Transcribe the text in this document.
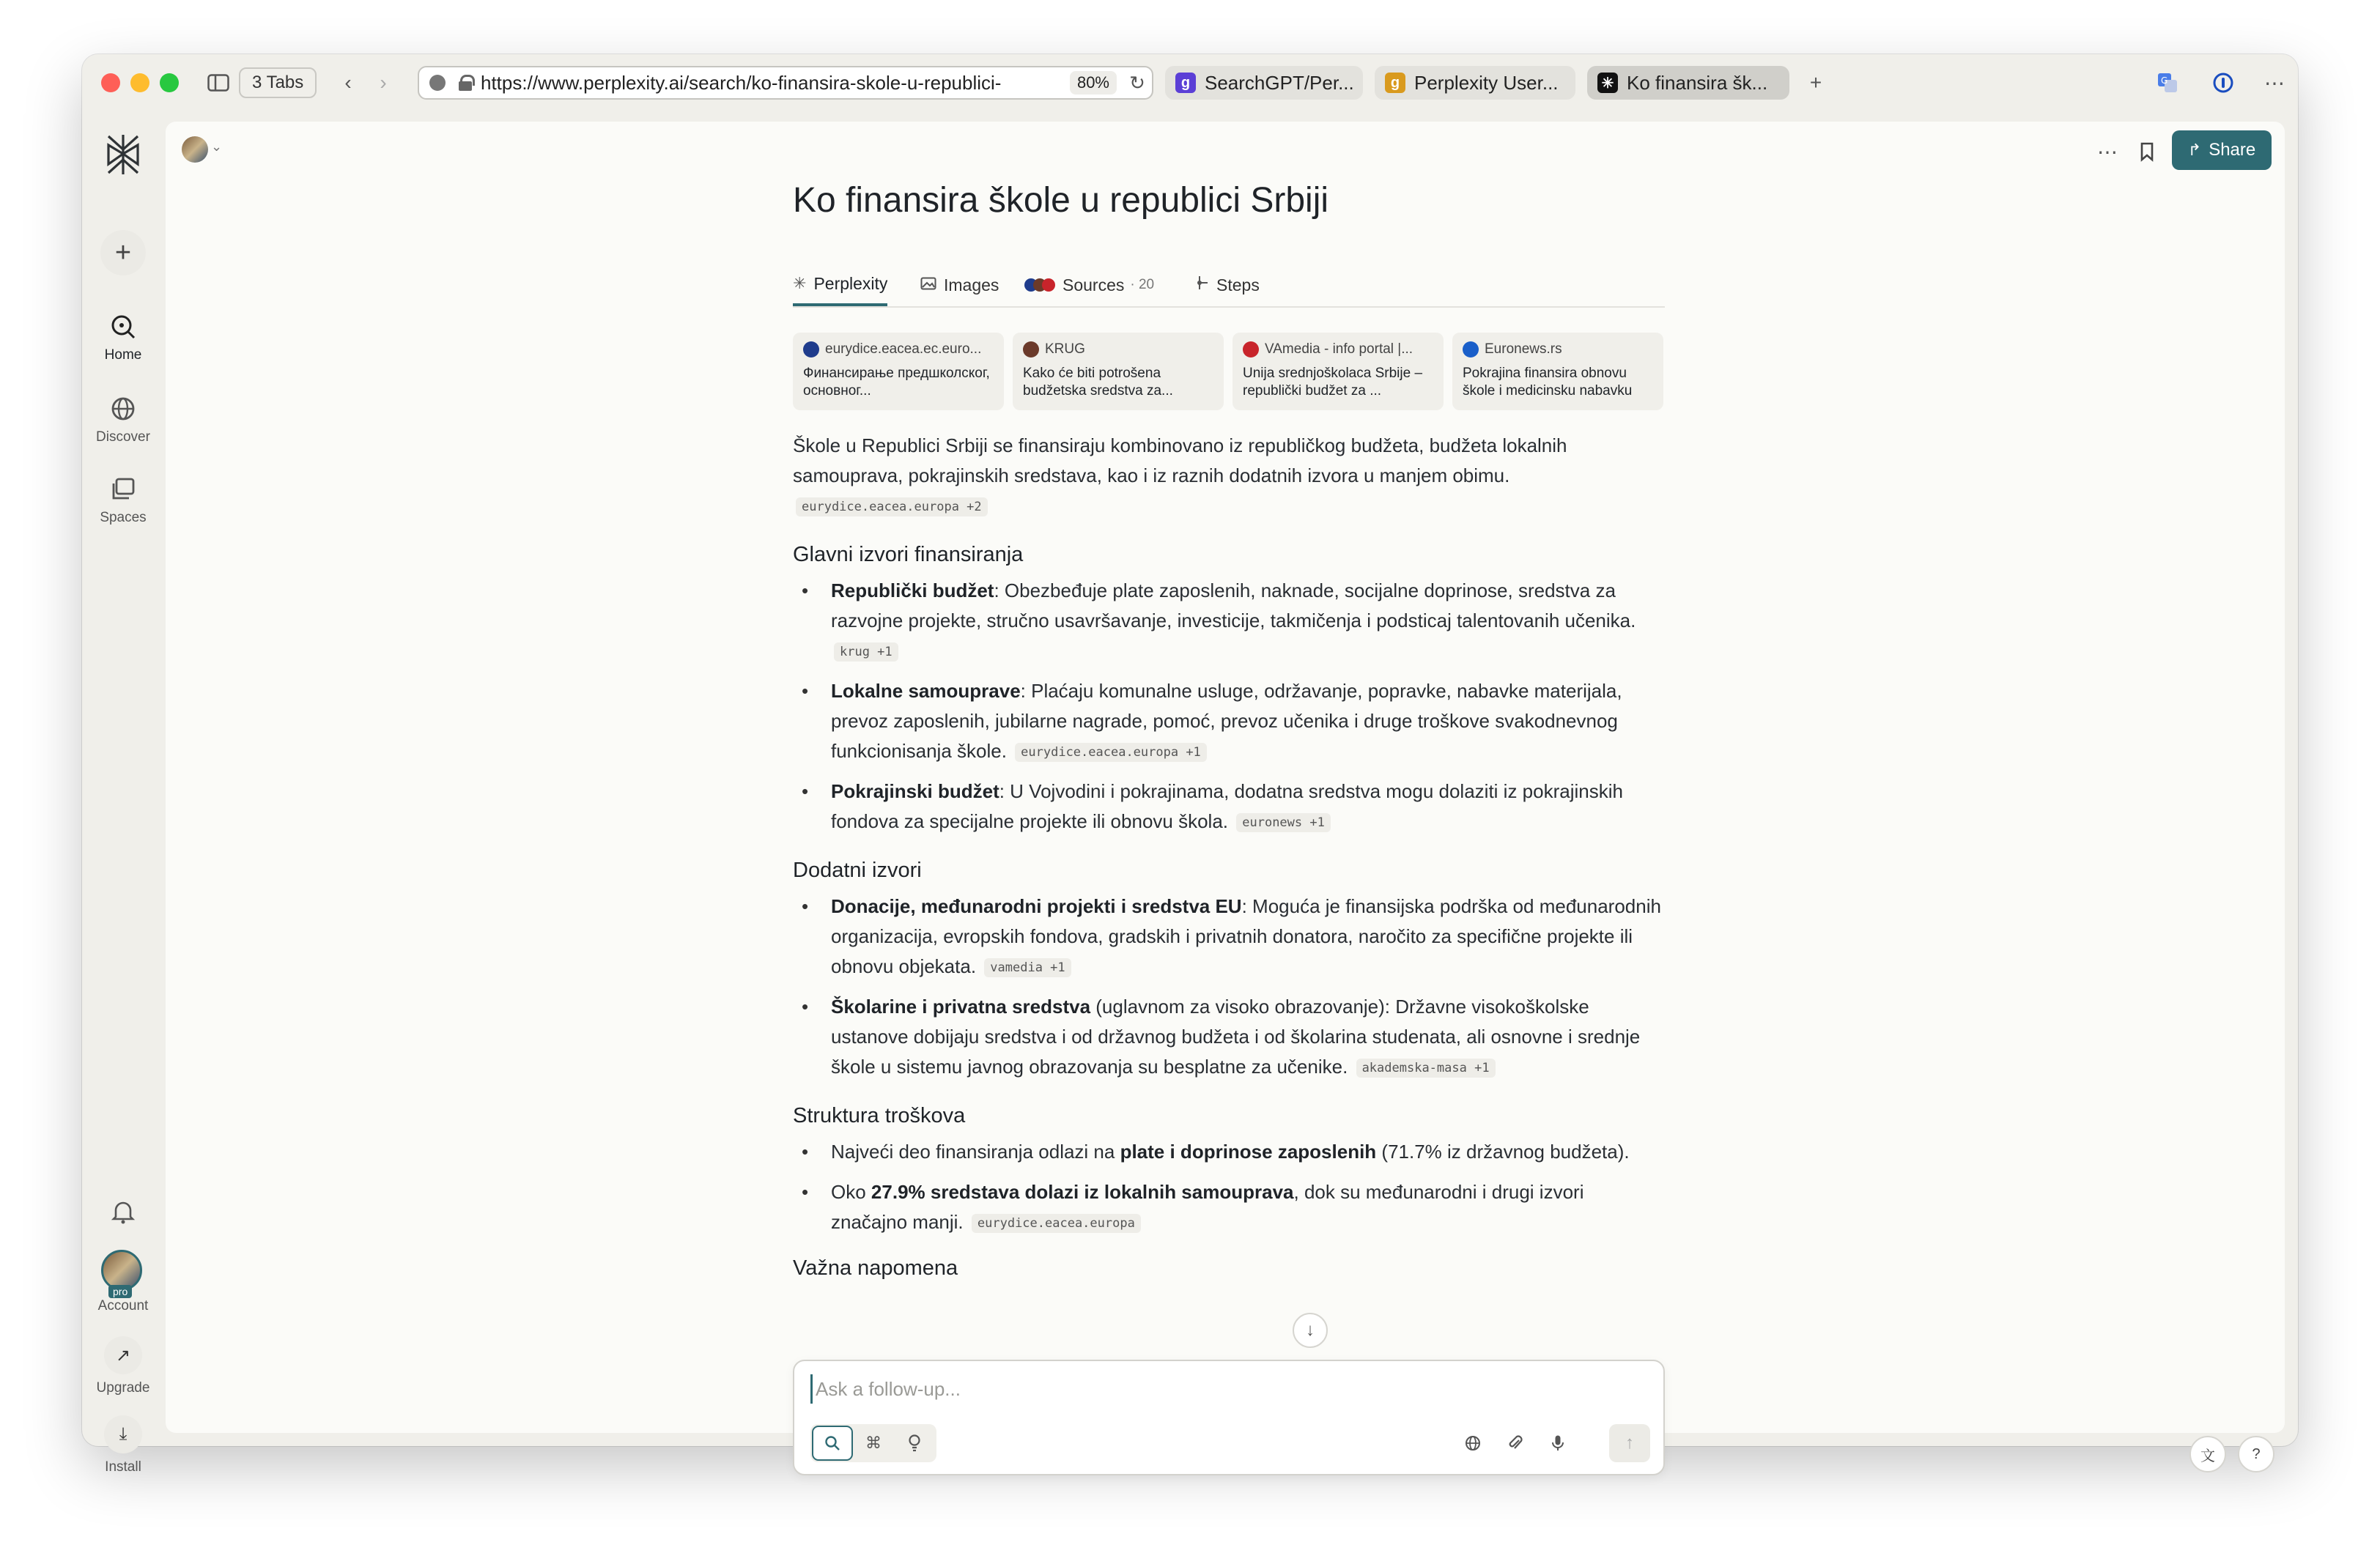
3 Tabs	‹	›	https://www.perplexity.ai/search/ko-finansira-skole-u-republici-	80%	↻	g SearchGPT/Per...	g Perplexity User...	✳ Ko finansira šk...	+	G	⋯
+
Home
Discover
Spaces
pro
Account
↗
Upgrade
⤓
Install
⌄	⋯	↱ Share
Ko finansira škole u republici Srbiji
✳ Perplexity	Images	Sources · 20	Steps
eurydice.eacea.ec.euro...
Финансирање предшколског, основног...
KRUG
Kako će biti potrošena budžetska sredstva za...
VAmedia - info portal |...
Unija srednjoškolaca Srbije – republički budžet za ...
Euronews.rs
Pokrajina finansira obnovu škole i medicinsku nabavku

Škole u Republici Srbiji se finansiraju kombinovano iz republičkog budžeta, budžeta lokalnih samouprava, pokrajinskih sredstava, kao i iz raznih dodatnih izvora u manjem obimu. eurydice.eacea.europa +2

Glavni izvori finansiranja
• Republički budžet: Obezbeđuje plate zaposlenih, naknade, socijalne doprinose, sredstva za razvojne projekte, stručno usavršavanje, investicije, takmičenja i podsticaj talentovanih učenika. krug +1
• Lokalne samouprave: Plaćaju komunalne usluge, održavanje, popravke, nabavke materijala, prevoz zaposlenih, jubilarne nagrade, pomoć, prevoz učenika i druge troškove svakodnevnog funkcionisanja škole. eurydice.eacea.europa +1
• Pokrajinski budžet: U Vojvodini i pokrajinama, dodatna sredstva mogu dolaziti iz pokrajinskih fondova za specijalne projekte ili obnovu škola. euronews +1
Dodatni izvori
• Donacije, međunarodni projekti i sredstva EU: Moguća je finansijska podrška od međunarodnih organizacija, evropskih fondova, gradskih i privatnih donatora, naročito za specifične projekte ili obnovu objekata. vamedia +1
• Školarine i privatna sredstva (uglavnom za visoko obrazovanje): Državne visokoškolske ustanove dobijaju sredstva i od državnog budžeta i od školarina studenata, ali osnovne i srednje škole u sistemu javnog obrazovanja su besplatne za učenike. akademska-masa +1
Struktura troškova
• Najveći deo finansiranja odlazi na plate i doprinose zaposlenih (71.7% iz državnog budžeta).
• Oko 27.9% sredstava dolazi iz lokalnih samouprava, dok su međunarodni i drugi izvori značajno manji. eurydice.eacea.europa
Važna napomena
↓
Ask a follow-up...
⌘	↑
文	?
